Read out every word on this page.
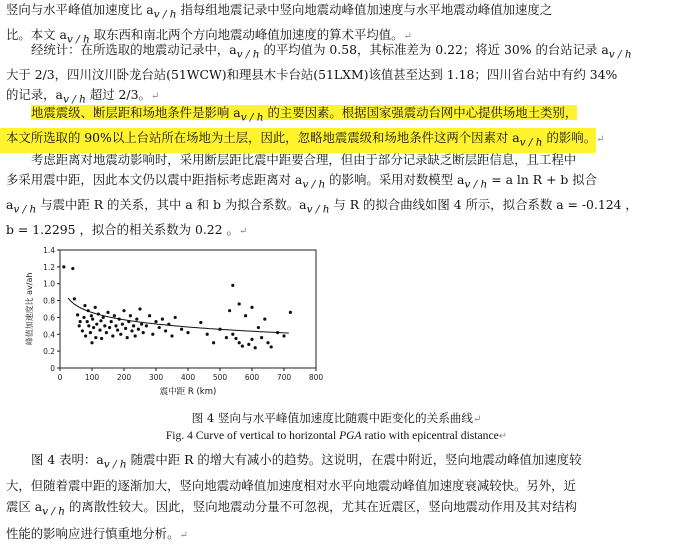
竖向与水平峰值加速度比 $a_{v / h}$ 指每组地震记录中竖向地震动峰值加速度与水平地震动峰值加速度之
比。本文 $a_{v / h}$ 取东西和南北两个方向地震动峰值加速度的算术平均值。↵

经统计：在所选取的地震动记录中，$a_{v / h}$ 的平均值为 0.58，其标准差为 0.22；将近 30% 的台站记录 $a_{v / h}$
大于 2/3，四川汶川卧龙台站(51WCW)和理县木卡台站(51LXM)该值甚至达到 1.18；四川省台站中有约 34%
的记录，$a_{v / h}$ 超过 2/3。↵

地震震级、断层距和场地条件是影响 $a_{v / h}$ 的主要因素。根据国家强震动台网中心提供场地土类别，
本文所选取的 90%以上台站所在场地为土层，因此，忽略地震震级和场地条件这两个因素对 $a_{v / h}$ 的影响。↵

考虑距离对地震动影响时，采用断层距比震中距要合理，但由于部分记录缺乏断层距信息，且工程中
多采用震中距，因此本文仍以震中距指标考虑距离对 $a_{v / h}$ 的影响。采用对数模型 $a_{v / h} = a$ ln R + b 拟合
$a_{v / h}$ 与震中距 R 的关系，其中 a 和 b 为拟合系数。$a_{v / h}$ 与 R 的拟合曲线如图 4 所示，拟合系数 a = -0.124 ，
b = 1.2295 ，拟合的相关系数为 0.22 。↵

0
0.2
0.4
0.6
0.8
1.0
1.2
1.4
0	100 200 300 400 500 600 700 800
震中距 R (km)
峰值加速度比 av/ah
图 4 竖向与水平峰值加速度比随震中距变化的关系曲线↵
Fig. 4 Curve of vertical to horizontal PGA ratio with epicentral distance↵

图 4 表明：$a_{v / h}$ 随震中距 R 的增大有减小的趋势。这说明，在震中附近，竖向地震动峰值加速度较
大，但随着震中距的逐渐加大，竖向地震动峰值加速度相对水平向地震动峰值加速度衰减较快。另外，近
震区 $a_{v / h}$ 的离散性较大。因此，竖向地震动分量不可忽视，尤其在近震区，竖向地震动作用及其对结构
性能的影响应进行慎重地分析。↵
